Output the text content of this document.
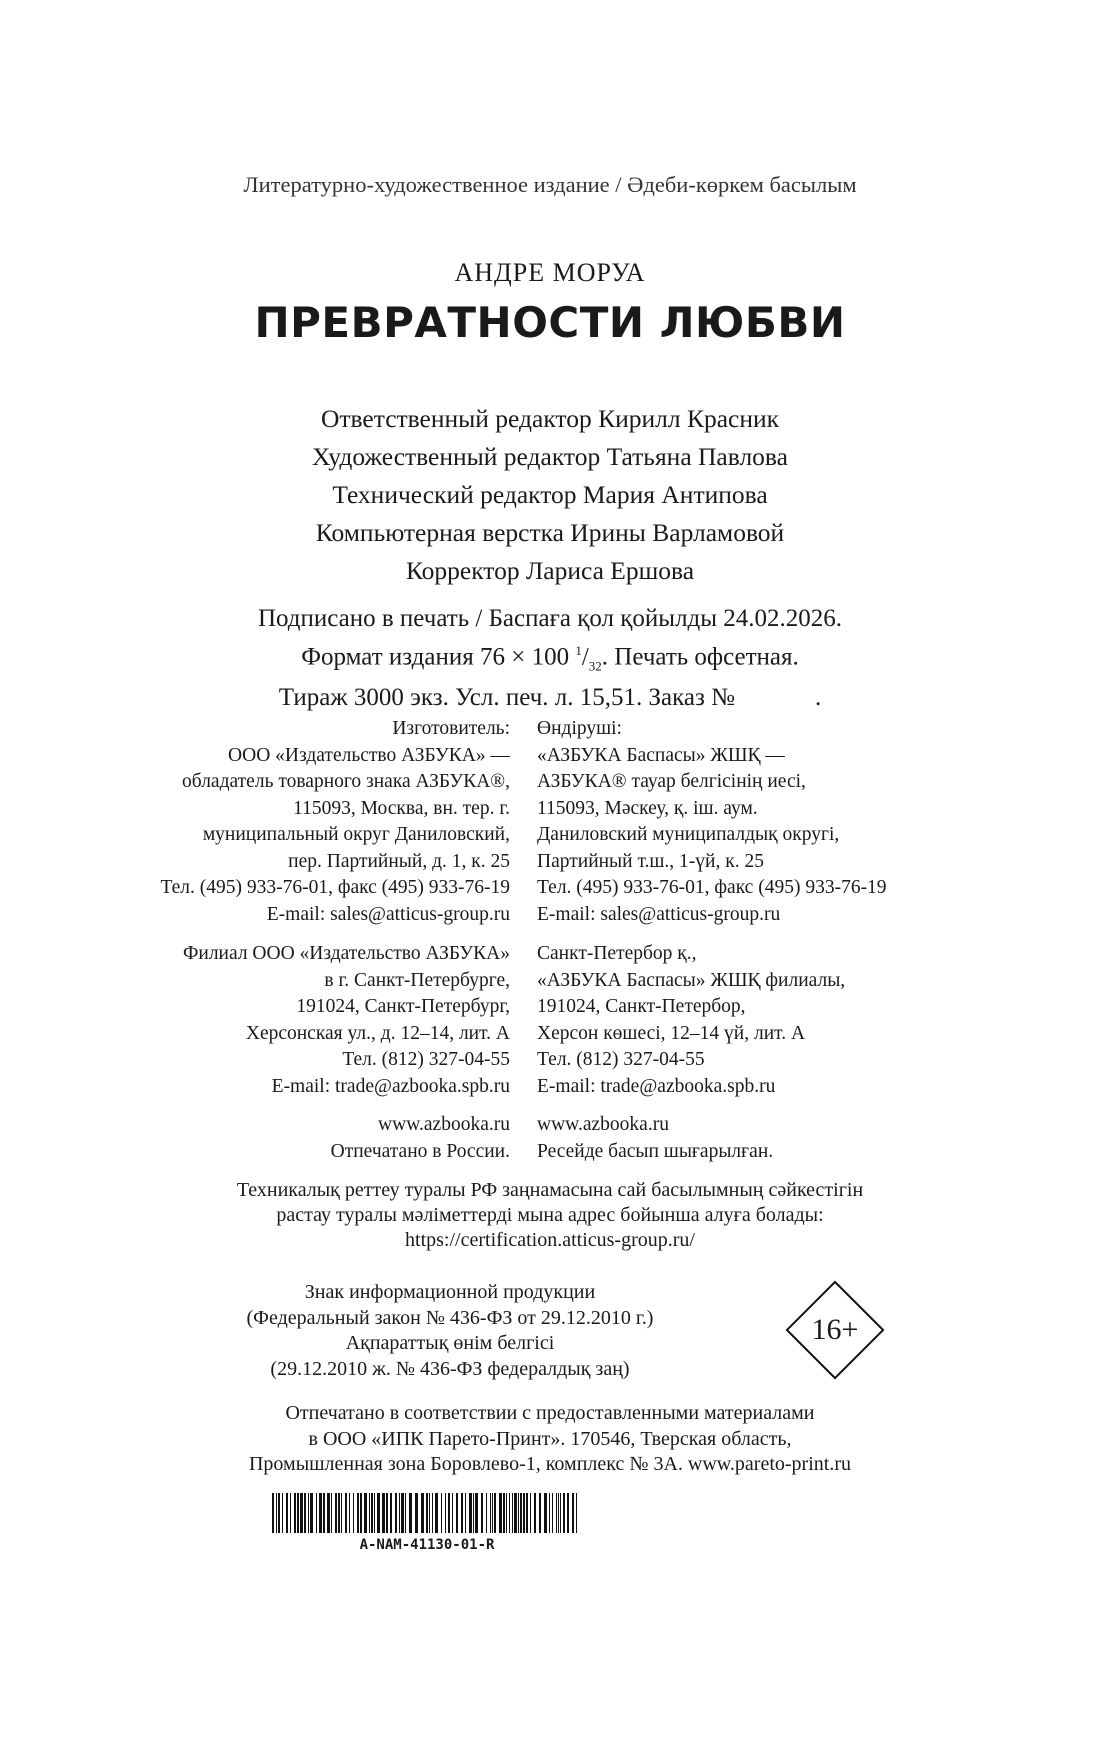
Литературно-художественное издание / Әдеби-көркем басылым
АНДРЕ МОРУА
ПРЕВРАТНОСТИ ЛЮБВИ
Ответственный редактор Кирилл Красник
Художественный редактор Татьяна Павлова
Технический редактор Мария Антипова
Компьютерная верстка Ирины Варламовой
Корректор Лариса Ершова
Подписано в печать / Баспаға қол қойылды 24.02.2026.
Формат издания 76 × 100 $^1/_{32}$. Печать офсетная.
Тираж 3000 экз. Усл. печ. л. 15,51. Заказ №	.
Изготовитель:
ООО «Издательство АЗБУКА» —
обладатель товарного знака АЗБУКА®,
115093, Москва, вн. тер. г.
муниципальный округ Даниловский,
пер. Партийный, д. 1, к. 25
Тел. (495) 933-76-01, факс (495) 933-76-19
E-mail: sales@atticus-group.ru
Филиал ООО «Издательство АЗБУКА»
в г. Санкт-Петербурге,
191024, Санкт-Петербург,
Херсонская ул., д. 12–14, лит. А
Тел. (812) 327-04-55
E-mail: trade@azbooka.spb.ru
www.azbooka.ru
Отпечатано в России.
Өндіруші:
«АЗБУКА Баспасы» ЖШҚ —
АЗБУКА® тауар белгісінің иесі,
115093, Мәскеу, қ. іш. аум.
Даниловский муниципалдық округі,
Партийный т.ш., 1-үй, к. 25
Тел. (495) 933-76-01, факс (495) 933-76-19
E-mail: sales@atticus-group.ru
Санкт-Петербор қ.,
«АЗБУКА Баспасы» ЖШҚ филиалы,
191024, Санкт-Петербор,
Херсон көшесі, 12–14 үй, лит. А
Тел. (812) 327-04-55
E-mail: trade@azbooka.spb.ru
www.azbooka.ru
Ресейде басып шығарылған.
Техникалық реттеу туралы РФ заңнамасына сай басылымның сәйкестігін
растау туралы мәліметтерді мына адрес бойынша алуға болады:
https://certification.atticus-group.ru/
Знак информационной продукции
(Федеральный закон № 436-ФЗ от 29.12.2010 г.)
Ақпараттық өнім белгісі
(29.12.2010 ж. № 436-ФЗ федералдық заң)
16+
Отпечатано в соответствии с предоставленными материалами
в ООО «ИПК Парето-Принт». 170546, Тверская область,
Промышленная зона Боровлево-1, комплекс № 3А. www.pareto-print.ru
A-NAM-41130-01-R
